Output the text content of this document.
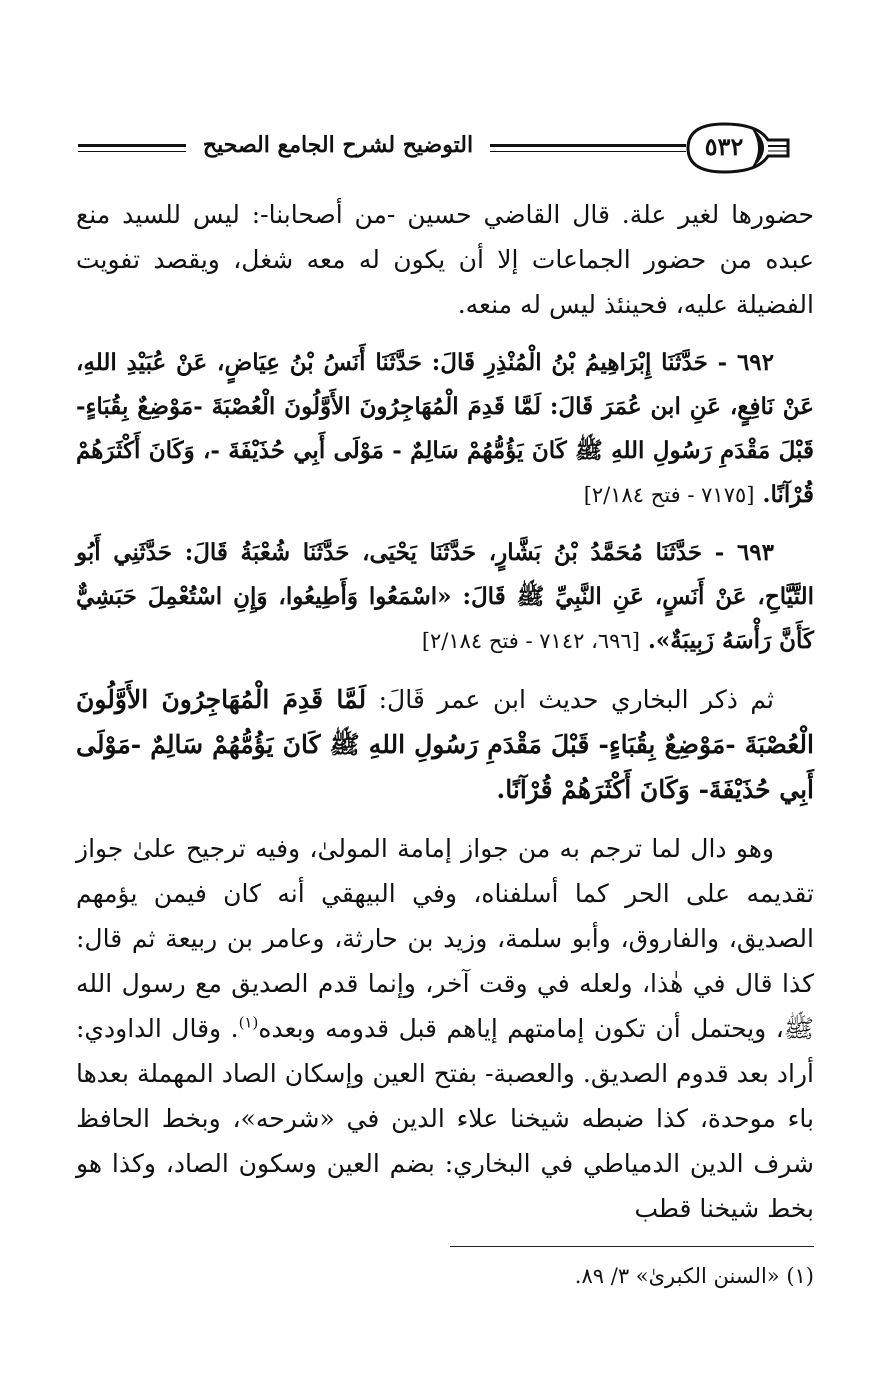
التوضيح لشرح الجامع الصحيح	٥٣٢

حضورها لغير علة. قال القاضي حسين -من أصحابنا-: ليس للسيد منع عبده من حضور الجماعات إلا أن يكون له معه شغل، ويقصد تفويت الفضيلة عليه، فحينئذ ليس له منعه.

٦٩٢ - حَدَّثَنَا إِبْرَاهِيمُ بْنُ الْمُنْذِرِ قَالَ: حَدَّثَنَا أَنَسُ بْنُ عِيَاضٍ، عَنْ عُبَيْدِ اللهِ، عَنْ نَافِعٍ، عَنِ ابن عُمَرَ قَالَ: لَمَّا قَدِمَ الْمُهَاجِرُونَ الأَوَّلُونَ الْعُصْبَةَ -مَوْضِعٌ بِقُبَاءٍ- قَبْلَ مَقْدَمِ رَسُولِ اللهِ ﷺ كَانَ يَؤُمُّهُمْ سَالِمٌ - مَوْلَى أَبِي حُذَيْفَةَ -، وَكَانَ أَكْثَرَهُمْ قُرْآنًا. [٧١٧٥ - فتح ٢/١٨٤]

٦٩٣ - حَدَّثَنَا مُحَمَّدُ بْنُ بَشَّارٍ، حَدَّثَنَا يَحْيَى، حَدَّثَنَا شُعْبَةُ قَالَ: حَدَّثَنِي أَبُو التَّيَّاحِ، عَنْ أَنَسٍ، عَنِ النَّبِيِّ ﷺ قَالَ: «اسْمَعُوا وَأَطِيعُوا، وَإِنِ اسْتُعْمِلَ حَبَشِيٌّ كَأَنَّ رَأْسَهُ زَبِيبَةٌ». [٦٩٦، ٧١٤٢ - فتح ٢/١٨٤]

ثم ذكر البخاري حديث ابن عمر قَالَ: لَمَّا قَدِمَ الْمُهَاجِرُونَ الأَوَّلُونَ الْعُصْبَةَ -مَوْضِعٌ بِقُبَاءٍ- قَبْلَ مَقْدَمِ رَسُولِ اللهِ ﷺ كَانَ يَؤُمُّهُمْ سَالِمٌ -مَوْلَى أَبِي حُذَيْفَةَ- وَكَانَ أَكْثَرَهُمْ قُرْآنًا.

وهو دال لما ترجم به من جواز إمامة المولىٰ، وفيه ترجيح علىٰ جواز تقديمه على الحر كما أسلفناه، وفي البيهقي أنه كان فيمن يؤمهم الصديق، والفاروق، وأبو سلمة، وزيد بن حارثة، وعامر بن ربيعة ثم قال: كذا قال في هٰذا، ولعله في وقت آخر، وإنما قدم الصديق مع رسول الله ﷺ، ويحتمل أن تكون إمامتهم إياهم قبل قدومه وبعده$^{(١)}$. وقال الداودي: أراد بعد قدوم الصديق. والعصبة- بفتح العين وإسكان الصاد المهملة بعدها باء موحدة، كذا ضبطه شيخنا علاء الدين في «شرحه»، وبخط الحافظ شرف الدين الدمياطي في البخاري: بضم العين وسكون الصاد، وكذا هو بخط شيخنا قطب

(١) «السنن الكبرىٰ» ٣/ ٨٩.
